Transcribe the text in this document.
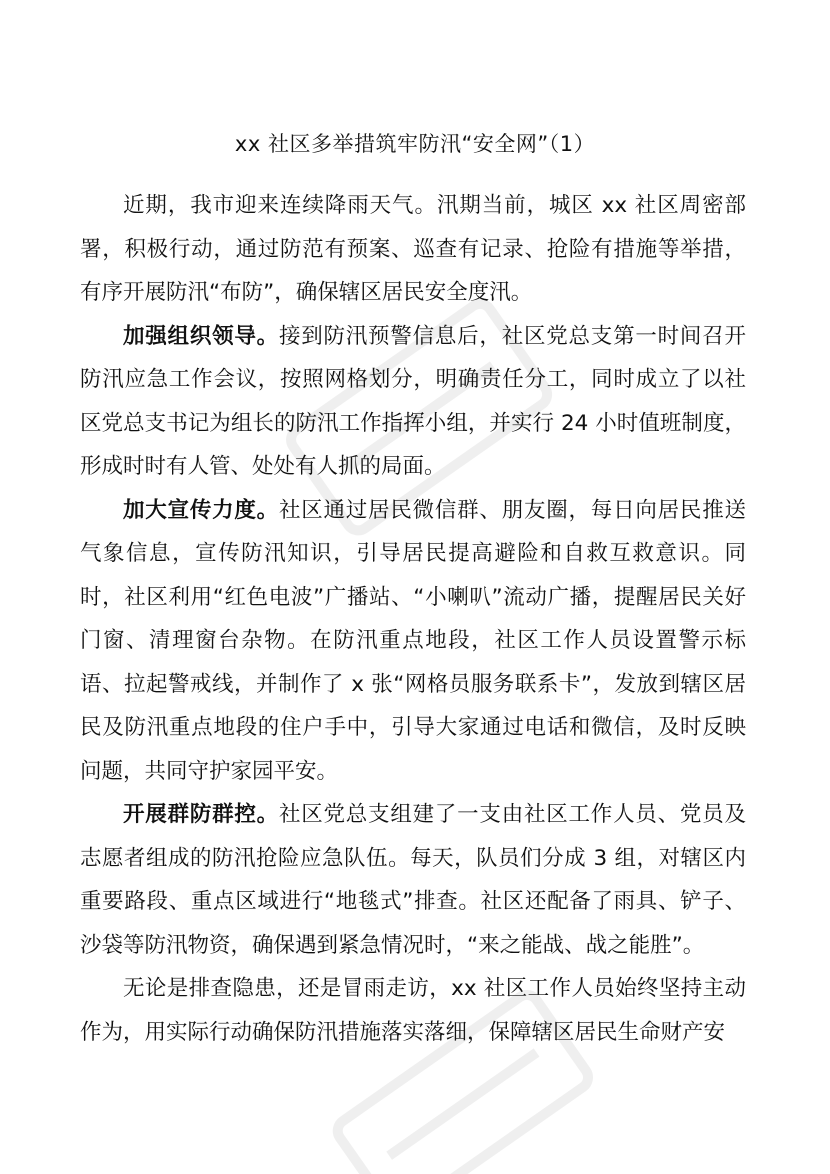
xx 社区多举措筑牢防汛“安全网”（1）

近期，我市迎来连续降雨天气。汛期当前，城区 xx 社区周密部署，积极行动，通过防范有预案、巡查有记录、抢险有措施等举措，有序开展防汛“布防”，确保辖区居民安全度汛。

加强组织领导。接到防汛预警信息后，社区党总支第一时间召开防汛应急工作会议，按照网格划分，明确责任分工，同时成立了以社区党总支书记为组长的防汛工作指挥小组，并实行 24 小时值班制度，形成时时有人管、处处有人抓的局面。

加大宣传力度。社区通过居民微信群、朋友圈，每日向居民推送气象信息，宣传防汛知识，引导居民提高避险和自救互救意识。同时，社区利用“红色电波”广播站、“小喇叭”流动广播，提醒居民关好门窗、清理窗台杂物。在防汛重点地段，社区工作人员设置警示标语、拉起警戒线，并制作了 x 张“网格员服务联系卡”，发放到辖区居民及防汛重点地段的住户手中，引导大家通过电话和微信，及时反映问题，共同守护家园平安。

开展群防群控。社区党总支组建了一支由社区工作人员、党员及志愿者组成的防汛抢险应急队伍。每天，队员们分成 3 组，对辖区内重要路段、重点区域进行“地毯式”排查。社区还配备了雨具、铲子、沙袋等防汛物资，确保遇到紧急情况时，“来之能战、战之能胜”。

无论是排查隐患，还是冒雨走访，xx 社区工作人员始终坚持主动作为，用实际行动确保防汛措施落实落细，保障辖区居民生命财产安
